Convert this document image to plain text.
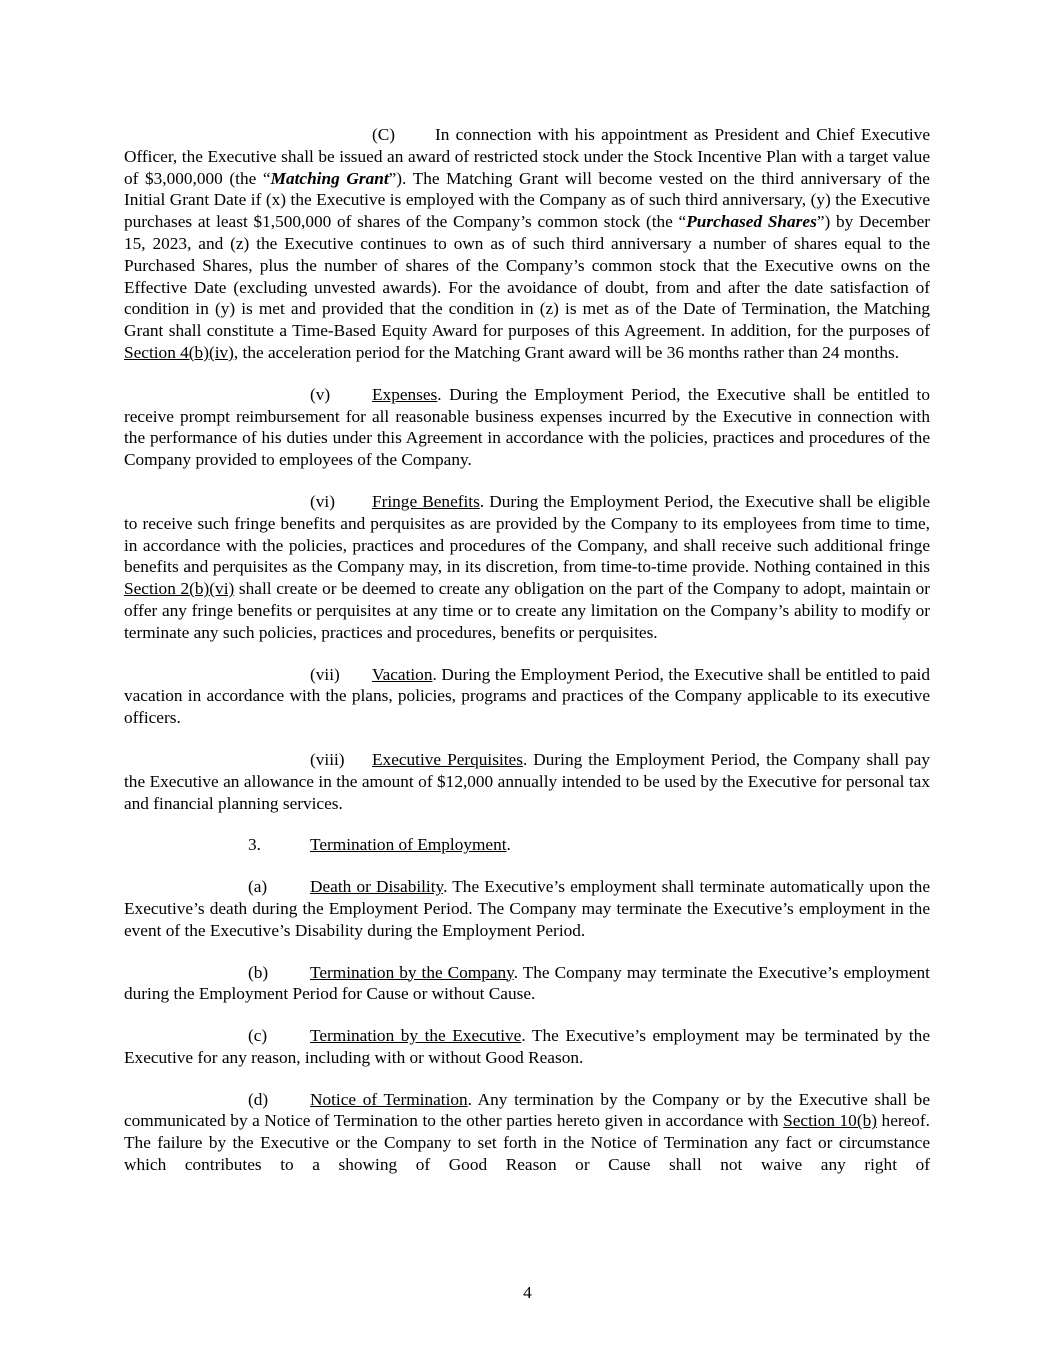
(C) In connection with his appointment as President and Chief Executive Officer, the Executive shall be issued an award of restricted stock under the Stock Incentive Plan with a target value of $3,000,000 (the “Matching Grant”). The Matching Grant will become vested on the third anniversary of the Initial Grant Date if (x) the Executive is employed with the Company as of such third anniversary, (y) the Executive purchases at least $1,500,000 of shares of the Company’s common stock (the “Purchased Shares”) by December 15, 2023, and (z) the Executive continues to own as of such third anniversary a number of shares equal to the Purchased Shares, plus the number of shares of the Company’s common stock that the Executive owns on the Effective Date (excluding unvested awards). For the avoidance of doubt, from and after the date satisfaction of condition in (y) is met and provided that the condition in (z) is met as of the Date of Termination, the Matching Grant shall constitute a Time-Based Equity Award for purposes of this Agreement. In addition, for the purposes of Section 4(b)(iv), the acceleration period for the Matching Grant award will be 36 months rather than 24 months.

(v) Expenses. During the Employment Period, the Executive shall be entitled to receive prompt reimbursement for all reasonable business expenses incurred by the Executive in connection with the performance of his duties under this Agreement in accordance with the policies, practices and procedures of the Company provided to employees of the Company.

(vi) Fringe Benefits. During the Employment Period, the Executive shall be eligible to receive such fringe benefits and perquisites as are provided by the Company to its employees from time to time, in accordance with the policies, practices and procedures of the Company, and shall receive such additional fringe benefits and perquisites as the Company may, in its discretion, from time-to-time provide. Nothing contained in this Section 2(b)(vi) shall create or be deemed to create any obligation on the part of the Company to adopt, maintain or offer any fringe benefits or perquisites at any time or to create any limitation on the Company’s ability to modify or terminate any such policies, practices and procedures, benefits or perquisites.

(vii) Vacation. During the Employment Period, the Executive shall be entitled to paid vacation in accordance with the plans, policies, programs and practices of the Company applicable to its executive officers.

(viii) Executive Perquisites. During the Employment Period, the Company shall pay the Executive an allowance in the amount of $12,000 annually intended to be used by the Executive for personal tax and financial planning services.

3.	Termination of Employment.

(a) Death or Disability. The Executive’s employment shall terminate automatically upon the Executive’s death during the Employment Period. The Company may terminate the Executive’s employment in the event of the Executive’s Disability during the Employment Period.

(b) Termination by the Company. The Company may terminate the Executive’s employment during the Employment Period for Cause or without Cause.

(c) Termination by the Executive. The Executive’s employment may be terminated by the Executive for any reason, including with or without Good Reason.

(d) Notice of Termination. Any termination by the Company or by the Executive shall be communicated by a Notice of Termination to the other parties hereto given in accordance with Section 10(b) hereof. The failure by the Executive or the Company to set forth in the Notice of Termination any fact or circumstance which contributes to a showing of Good Reason or Cause shall not waive any right of

4
